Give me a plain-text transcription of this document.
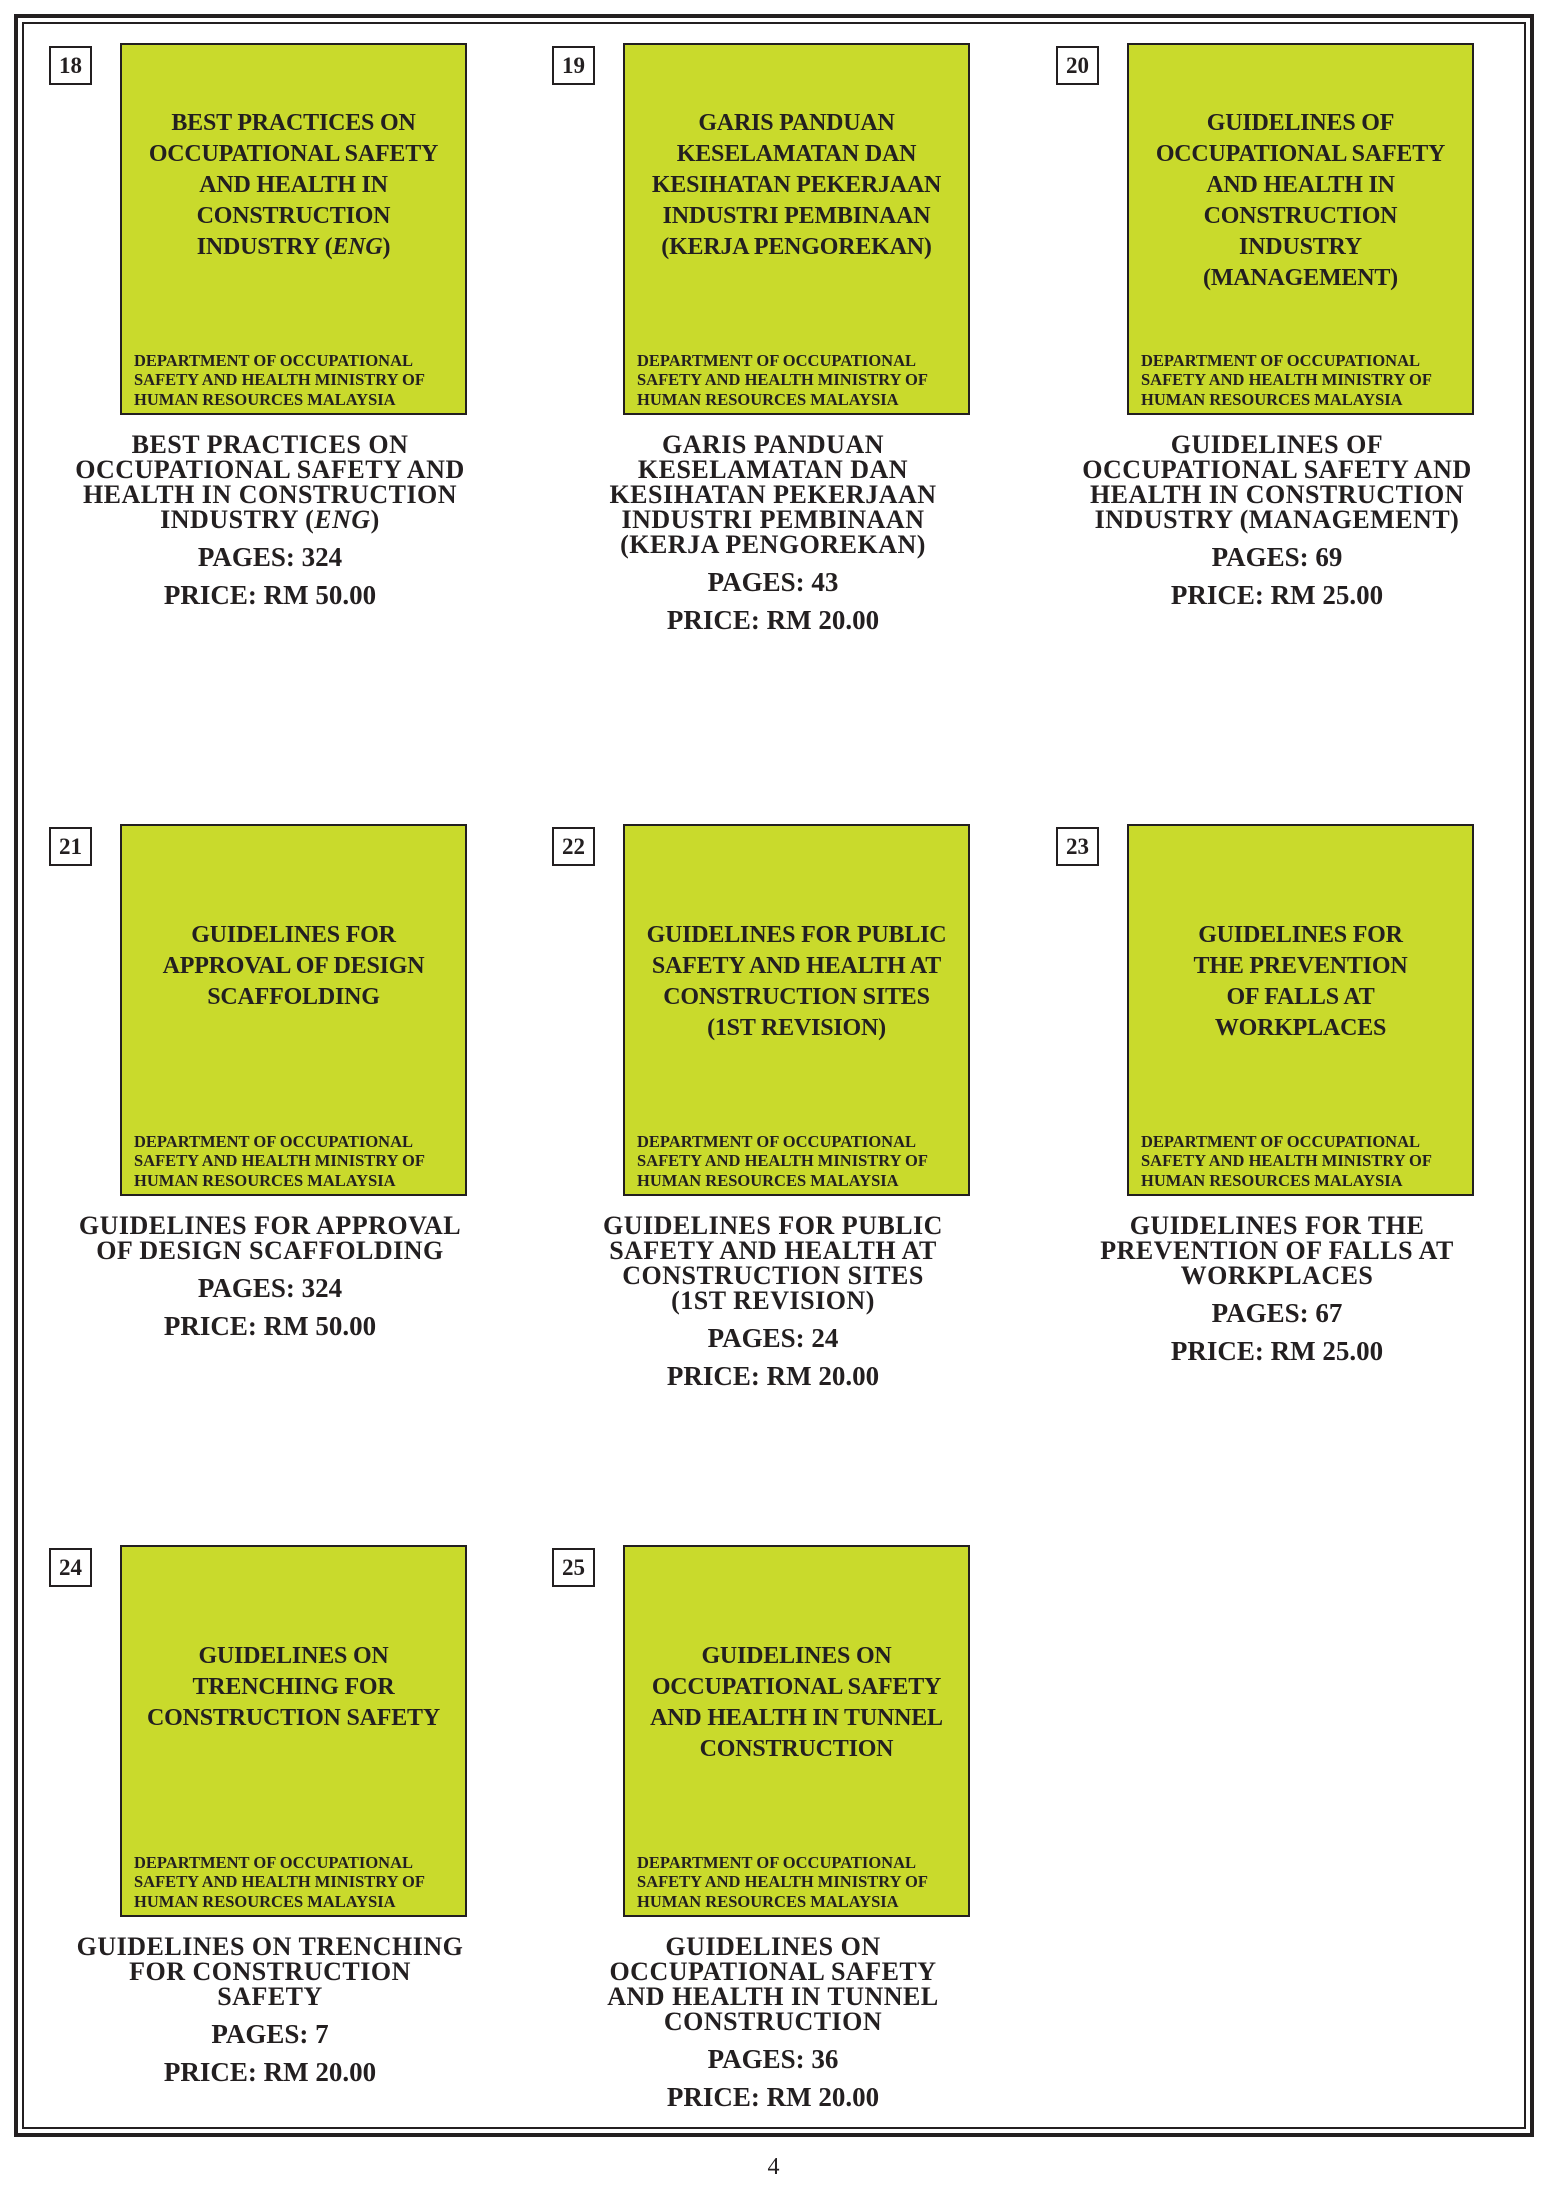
18
BEST PRACTICES ON
OCCUPATIONAL SAFETY
AND HEALTH IN
CONSTRUCTION
INDUSTRY (ENG)
DEPARTMENT OF OCCUPATIONAL
SAFETY AND HEALTH MINISTRY OF
HUMAN RESOURCES MALAYSIA
BEST PRACTICES ON
OCCUPATIONAL SAFETY AND
HEALTH IN CONSTRUCTION
INDUSTRY (ENG)
PAGES: 324
PRICE: RM 50.00
19
GARIS PANDUAN
KESELAMATAN DAN
KESIHATAN PEKERJAAN
INDUSTRI PEMBINAAN
(KERJA PENGOREKAN)
DEPARTMENT OF OCCUPATIONAL
SAFETY AND HEALTH MINISTRY OF
HUMAN RESOURCES MALAYSIA
GARIS PANDUAN
KESELAMATAN DAN
KESIHATAN PEKERJAAN
INDUSTRI PEMBINAAN
(KERJA PENGOREKAN)
PAGES: 43
PRICE: RM 20.00
20
GUIDELINES OF
OCCUPATIONAL SAFETY
AND HEALTH IN
CONSTRUCTION
INDUSTRY
(MANAGEMENT)
DEPARTMENT OF OCCUPATIONAL
SAFETY AND HEALTH MINISTRY OF
HUMAN RESOURCES MALAYSIA
GUIDELINES OF
OCCUPATIONAL SAFETY AND
HEALTH IN CONSTRUCTION
INDUSTRY (MANAGEMENT)
PAGES: 69
PRICE: RM 25.00
21
GUIDELINES FOR
APPROVAL OF DESIGN
SCAFFOLDING
DEPARTMENT OF OCCUPATIONAL
SAFETY AND HEALTH MINISTRY OF
HUMAN RESOURCES MALAYSIA
GUIDELINES FOR APPROVAL
OF DESIGN SCAFFOLDING
PAGES: 324
PRICE: RM 50.00
22
GUIDELINES FOR PUBLIC
SAFETY AND HEALTH AT
CONSTRUCTION SITES
(1ST REVISION)
DEPARTMENT OF OCCUPATIONAL
SAFETY AND HEALTH MINISTRY OF
HUMAN RESOURCES MALAYSIA
GUIDELINES FOR PUBLIC
SAFETY AND HEALTH AT
CONSTRUCTION SITES
(1ST REVISION)
PAGES: 24
PRICE: RM 20.00
23
GUIDELINES FOR
THE PREVENTION
OF FALLS AT
WORKPLACES
DEPARTMENT OF OCCUPATIONAL
SAFETY AND HEALTH MINISTRY OF
HUMAN RESOURCES MALAYSIA
GUIDELINES FOR THE
PREVENTION OF FALLS AT
WORKPLACES
PAGES: 67
PRICE: RM 25.00
24
GUIDELINES ON
TRENCHING FOR
CONSTRUCTION SAFETY
DEPARTMENT OF OCCUPATIONAL
SAFETY AND HEALTH MINISTRY OF
HUMAN RESOURCES MALAYSIA
GUIDELINES ON TRENCHING
FOR CONSTRUCTION
SAFETY
PAGES: 7
PRICE: RM 20.00
25
GUIDELINES ON
OCCUPATIONAL SAFETY
AND HEALTH IN TUNNEL
CONSTRUCTION
DEPARTMENT OF OCCUPATIONAL
SAFETY AND HEALTH MINISTRY OF
HUMAN RESOURCES MALAYSIA
GUIDELINES ON
OCCUPATIONAL SAFETY
AND HEALTH IN TUNNEL
CONSTRUCTION
PAGES: 36
PRICE: RM 20.00
4
